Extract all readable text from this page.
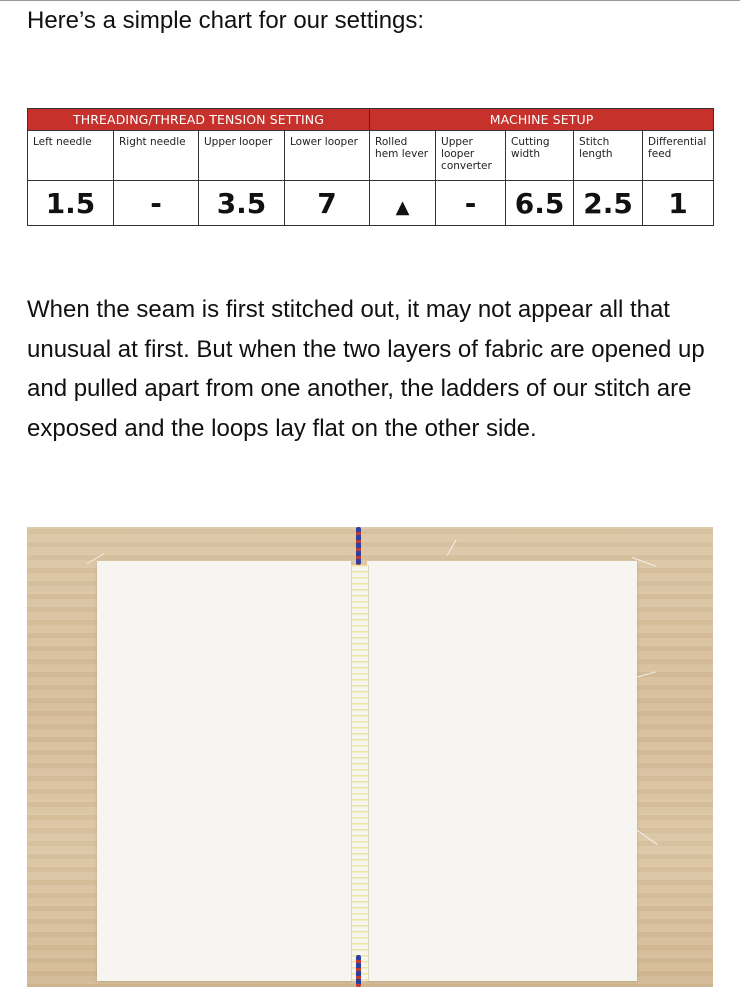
Here’s a simple chart for our settings:

THREADING/THREAD TENSION SETTING				MACHINE SETUP				
Left needle	Right needle	Upper looper	Lower looper	Rolled hem lever	Upper looper converter	Cutting width	Stitch length	Differential feed
1.5	-	3.5	7	▲	-	6.5	2.5	1

When the seam is first stitched out, it may not appear all that unusual at first. But when the two layers of fabric are opened up and pulled apart from one another, the ladders of our stitch are exposed and the loops lay flat on the other side.
